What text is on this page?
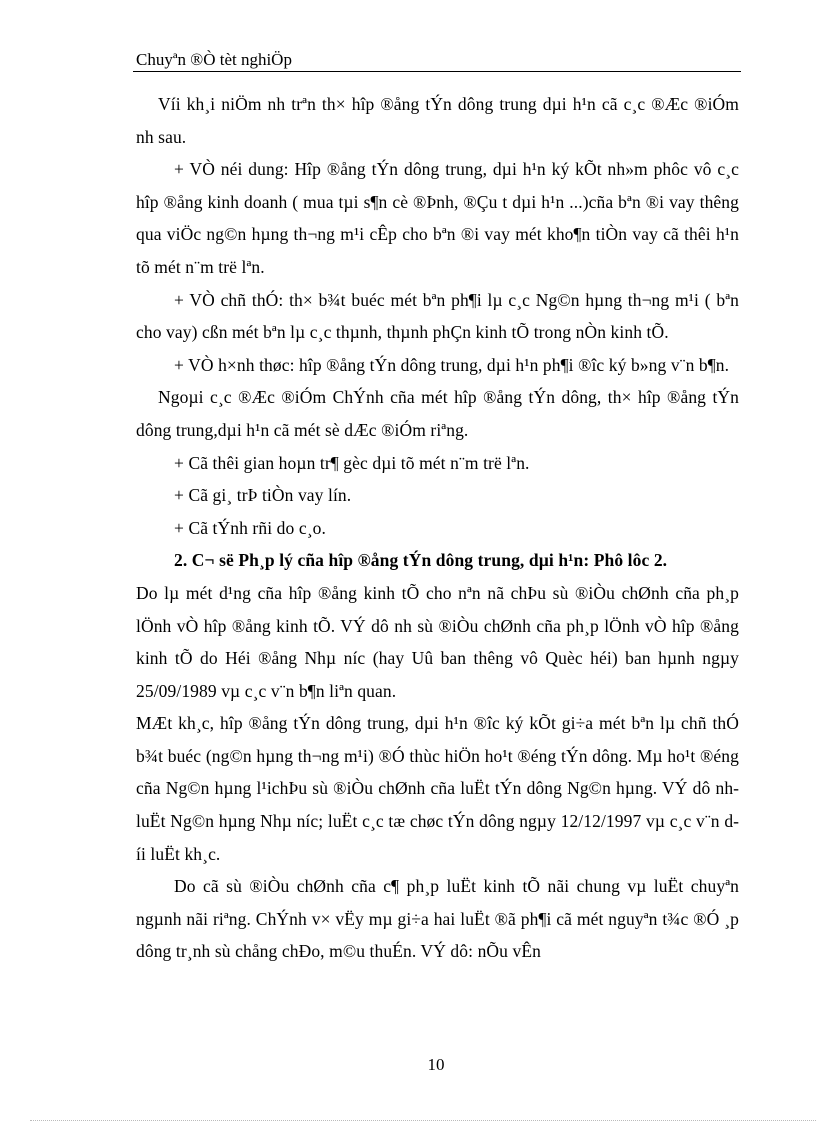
Chuyªn ®Ò tèt nghiÖp

Víi kh¸i niÖm nh trªn th× hîp ®ång tÝn dông trung dµi h¹n cã c¸c ®Æc ®iÓm nh sau.

+ VÒ néi dung: Hîp ®ång tÝn dông trung, dµi h¹n ký kÕt nh»m phôc vô c¸c hîp ®ång kinh doanh ( mua tµi s¶n cè ®Þnh, ®Çu t dµi h¹n ...)cña bªn ®i vay thêng qua viÖc ng©n hµng th¬ng m¹i cÊp cho bªn ®i vay mét kho¶n tiÒn vay cã thêi h¹n tõ mét n¨m trë lªn.

+ VÒ chñ thÓ: th× b¾t buéc mét bªn ph¶i lµ c¸c Ng©n hµng th¬ng m¹i ( bªn cho vay) cßn mét bªn lµ c¸c thµnh, thµnh phÇn kinh tÕ trong nÒn kinh tÕ.

+ VÒ h×nh thøc: hîp ®ång tÝn dông trung, dµi h¹n ph¶i ®îc ký b»ng v¨n b¶n.

Ngoµi c¸c ®Æc ®iÓm ChÝnh cña mét hîp ®ång tÝn dông, th× hîp ®ång tÝn dông trung,dµi h¹n cã mét sè dÆc ®iÓm riªng.

+ Cã thêi gian hoµn tr¶ gèc dµi tõ mét n¨m trë lªn.

+ Cã gi¸ trÞ tiÒn vay lín.

+ Cã tÝnh rñi do c¸o.

2. C¬ së Ph¸p lý cña hîp ®ång tÝn dông trung, dµi h¹n: Phô lôc 2.

Do lµ mét d¹ng cña hîp ®ång kinh tÕ cho nªn nã chÞu sù ®iÒu chØnh cña ph¸p lÖnh vÒ hîp ®ång kinh tÕ. VÝ dô nh sù ®iÒu chØnh cña ph¸p lÖnh vÒ hîp ®ång kinh tÕ do Héi ®ång Nhµ níc (hay Uû ban thêng vô Quèc héi) ban hµnh ngµy 25/09/1989 vµ c¸c v¨n b¶n liªn quan.

MÆt kh¸c, hîp ®ång tÝn dông trung, dµi h¹n ®îc ký kÕt gi÷a mét bªn lµ chñ thÓ b¾t buéc (ng©n hµng th¬ng m¹i) ®Ó thùc hiÖn ho¹t ®éng tÝn dông. Mµ ho¹t ®éng cña Ng©n hµng l¹ichÞu sù ®iÒu chØnh cña luËt tÝn dông Ng©n hµng. VÝ dô nh luËt Ng©n hµng Nhµ níc; luËt c¸c tæ chøc tÝn dông ngµy 12/12/1997 vµ c¸c v¨n díi luËt kh¸c.

Do cã sù ®iÒu chØnh cña c¶ ph¸p luËt kinh tÕ nãi chung vµ luËt chuyªn ngµnh nãi riªng. ChÝnh v× vËy mµ gi÷a hai luËt ®ã ph¶i cã mét nguyªn t¾c ®Ó ¸p dông tr¸nh sù chång chÐo, m©u thuÉn. VÝ dô: nÕu vÊn

10
